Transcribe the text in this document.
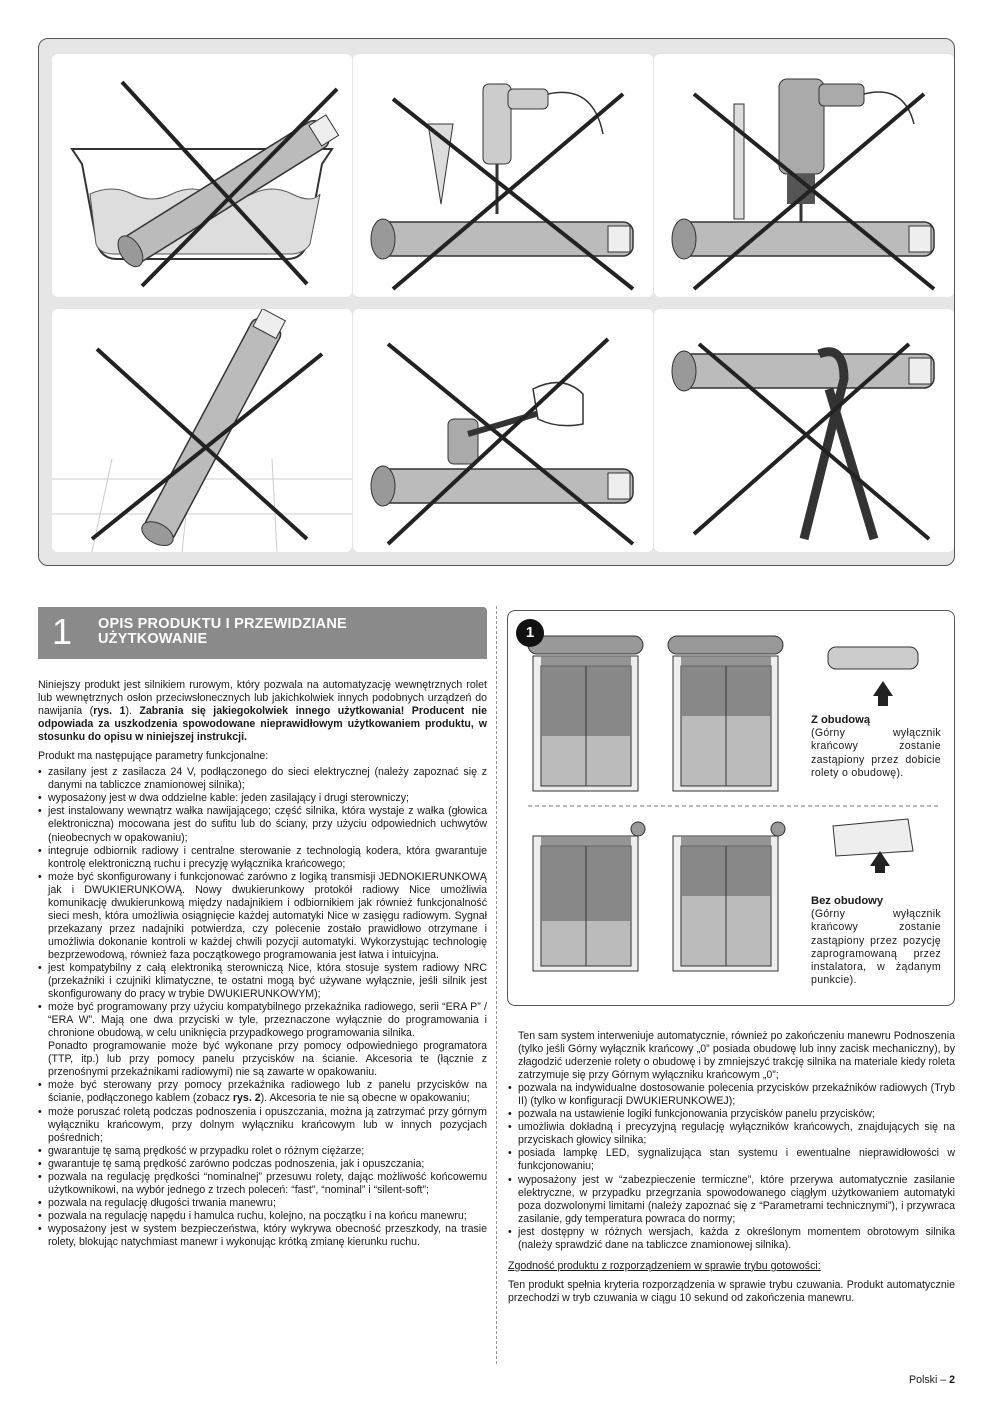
1 OPIS PRODUKTU I PRZEWIDZIANE
UŻYTKOWANIE

Niniejszy produkt jest silnikiem rurowym, który pozwala na automatyzację wewnętrznych rolet lub wewnętrznych osłon przeciwsłonecznych lub jakichkolwiek innych podobnych urządzeń do nawijania (rys. 1). Zabrania się jakiegokolwiek innego użytkowania! Producent nie odpowiada za uszkodzenia spowodowane nieprawidłowym użytkowaniem produktu, w stosunku do opisu w niniejszej instrukcji.

Produkt ma następujące parametry funkcjonalne:

• zasilany jest z zasilacza 24 V, podłączonego do sieci elektrycznej (należy zapoznać się z danymi na tabliczce znamionowej silnika);
• wyposażony jest w dwa oddzielne kable: jeden zasilający i drugi sterowniczy;
• jest instalowany wewnątrz wałka nawijającego; część silnika, która wystaje z wałka (głowica elektroniczna) mocowana jest do sufitu lub do ściany, przy użyciu odpowiednich uchwytów (nieobecnych w opakowaniu);
• integruje odbiornik radiowy i centralne sterowanie z technologią kodera, która gwarantuje kontrolę elektroniczną ruchu i precyzję wyłącznika krańcowego;
• może być skonfigurowany i funkcjonować zarówno z logiką transmisji JEDNOKIERUNKOWĄ jak i DWUKIERUNKOWĄ. Nowy dwukierunkowy protokół radiowy Nice umożliwia komunikację dwukierunkową między nadajnikiem i odbiornikiem jak również funkcjonalność sieci mesh, która umożliwia osiągnięcie każdej automatyki Nice w zasięgu radiowym. Sygnał przekazany przez nadajniki potwierdza, czy polecenie zostało prawidłowo otrzymane i umożliwia dokonanie kontroli w każdej chwili pozycji automatyki. Wykorzystując technologię bezprzewodową, również faza początkowego programowania jest łatwa i intuicyjna.
• jest kompatybilny z całą elektroniką sterowniczą Nice, która stosuje system radiowy NRC (przekaźniki i czujniki klimatyczne, te ostatni mogą być używane wyłącznie, jeśli silnik jest skonfigurowany do pracy w trybie DWUKIERUNKOWYM);
• może być programowany przy użyciu kompatybilnego przekaźnika radiowego, serii “ERA P” / “ERA W”. Mają one dwa przyciski w tyle, przeznaczone wyłącznie do programowania i chronione obudową, w celu uniknięcia przypadkowego programowania silnika.
Ponadto programowanie może być wykonane przy pomocy odpowiedniego programatora (TTP, itp.) lub przy pomocy panelu przycisków na ścianie. Akcesoria te (łącznie z przenośnymi przekaźnikami radiowymi) nie są zawarte w opakowaniu.
• może być sterowany przy pomocy przekaźnika radiowego lub z panelu przycisków na ścianie, podłączonego kablem (zobacz rys. 2). Akcesoria te nie są obecne w opakowaniu;
• może poruszać roletą podczas podnoszenia i opuszczania, można ją zatrzymać przy górnym wyłączniku krańcowym, przy dolnym wyłączniku krańcowym lub w innych pozycjach pośrednich;
• gwarantuje tę samą prędkość w przypadku rolet o różnym ciężarze;
• gwarantuje tę samą prędkość zarówno podczas podnoszenia, jak i opuszczania;
• pozwala na regulację prędkości “nominalnej” przesuwu rolety, dając możliwość końcowemu użytkownikowi, na wybór jednego z trzech poleceń: “fast”, “nominal” i “silent-soft”;
• pozwala na regulację długości trwania manewru;
• pozwala na regulację napędu i hamulca ruchu, kolejno, na początku i na końcu manewru;
• wyposażony jest w system bezpieczeństwa, który wykrywa obecność przeszkody, na trasie rolety, blokując natychmiast manewr i wykonując krótką zmianę kierunku ruchu.
1
Z obudową
(Górny wyłącznik krańcowy zostanie zastąpiony przez dobicie rolety o obudowę).
Bez obudowy
(Górny wyłącznik krańcowy zostanie zastąpiony przez pozycję zaprogramowaną przez instalatora, w żądanym punkcie).
Ten sam system interweniuje automatycznie, również po zakończeniu manewru Podnoszenia (tylko jeśli Górny wyłącznik krańcowy „0” posiada obudowę lub inny zacisk mechaniczny), by złagodzić uderzenie rolety o obudowę i by zmniejszyć trakcję silnika na materiale kiedy roleta zatrzymuje się przy Górnym wyłączniku krańcowym „0”;
• pozwala na indywidualne dostosowanie polecenia przycisków przekaźników radiowych (Tryb II) (tylko w konfiguracji DWUKIERUNKOWEJ);
• pozwala na ustawienie logiki funkcjonowania przycisków panelu przycisków;
• umożliwia dokładną i precyzyjną regulację wyłączników krańcowych, znajdujących się na przyciskach głowicy silnika;
• posiada lampkę LED, sygnalizująca stan systemu i ewentualne nieprawidłowości w funkcjonowaniu;
• wyposażony jest w “zabezpieczenie termiczne”, które przerywa automatycznie zasilanie elektryczne, w przypadku przegrzania spowodowanego ciągłym użytkowaniem automatyki poza dozwolonymi limitami (należy zapoznać się z “Parametrami technicznymi”), i przywraca zasilanie, gdy temperatura powraca do normy;
• jest dostępny w różnych wersjach, każda z określonym momentem obrotowym silnika (należy sprawdzić dane na tabliczce znamionowej silnika).

Zgodność produktu z rozporządzeniem w sprawie trybu gotowości:

Ten produkt spełnia kryteria rozporządzenia w sprawie trybu czuwania. Produkt automatycznie przechodzi w tryb czuwania w ciągu 10 sekund od zakończenia manewru.

Polski – 2
